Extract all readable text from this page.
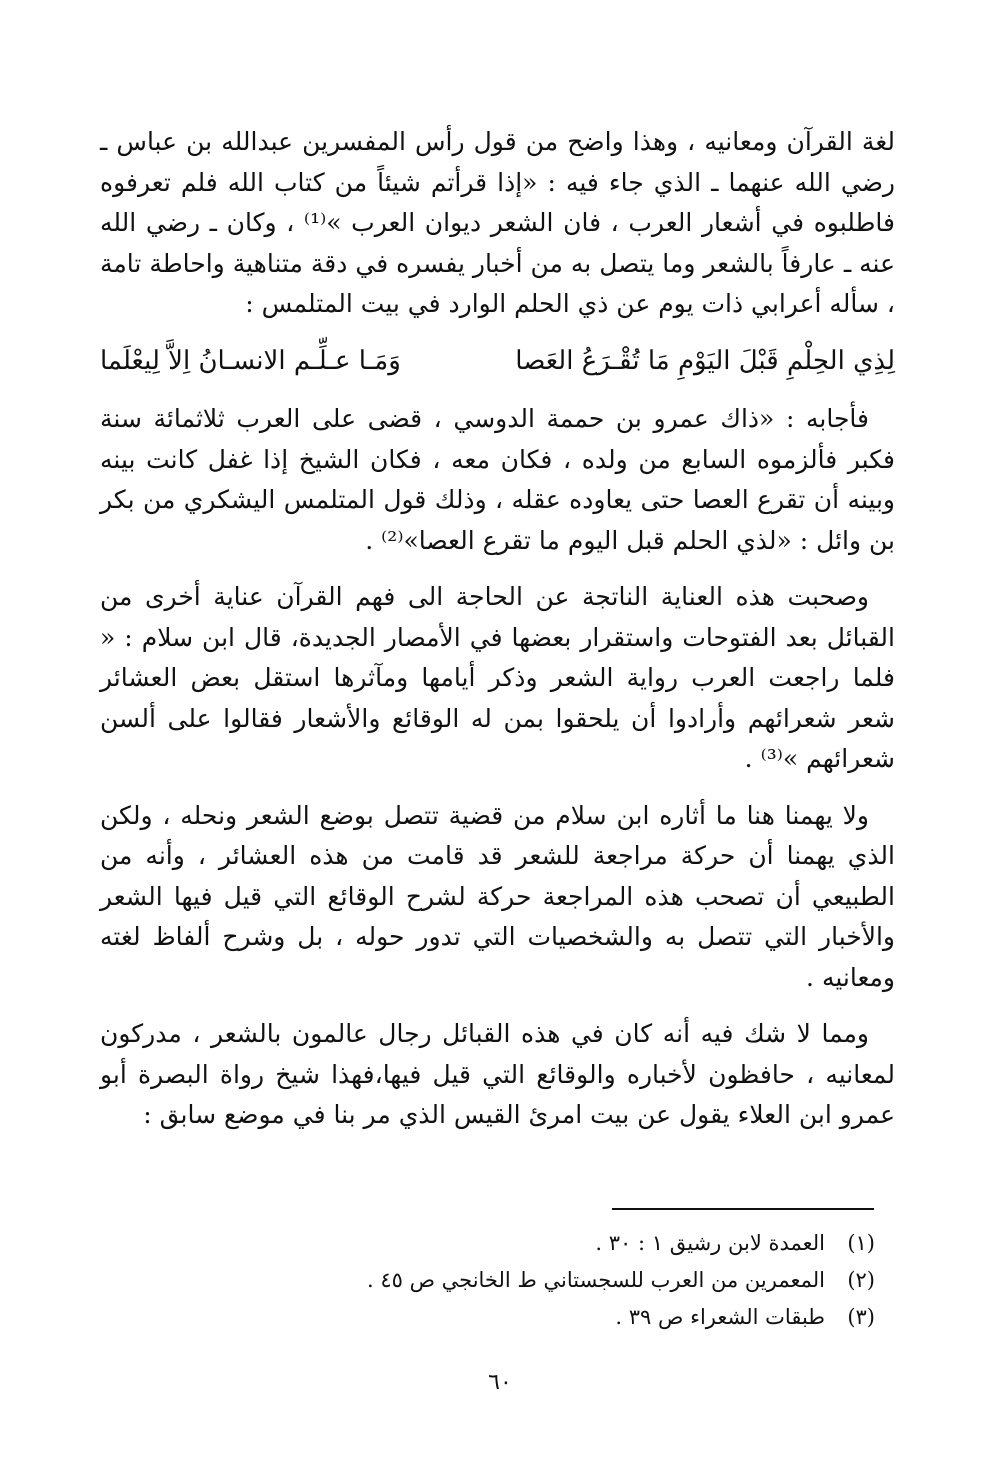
لغة القرآن ومعانيه ، وهذا واضح من قول رأس المفسرين عبدالله بن عباس ـ رضي الله عنهما ـ الذي جاء فيه : «إذا قرأتم شيئاً من كتاب الله فلم تعرفوه فاطلبوه في أشعار العرب ، فان الشعر ديوان العرب »⁽¹⁾ ، وكان ـ رضي الله عنه ـ عارفاً بالشعر وما يتصل به من أخبار يفسره في دقة متناهية واحاطة تامة ، سأله أعرابي ذات يوم عن ذي الحلم الوارد في بيت المتلمس :

لِذِي الحِلْمِ قَبْلَ اليَوْمِ مَا تُقْـرَعُ العَصا
وَمَـا عـلِّـم الانسـانُ اِلاَّ لِيعْلَما

فأجابه : «ذاك عمرو بن حممة الدوسي ، قضى على العرب ثلاثمائة سنة فكبر فألزموه السابع من ولده ، فكان معه ، فكان الشيخ إذا غفل كانت بينه وبينه أن تقرع العصا حتى يعاوده عقله ، وذلك قول المتلمس اليشكري من بكر بن وائل : «لذي الحلم قبل اليوم ما تقرع العصا»⁽²⁾ .

وصحبت هذه العناية الناتجة عن الحاجة الى فهم القرآن عناية أخرى من القبائل بعد الفتوحات واستقرار بعضها في الأمصار الجديدة، قال ابن سلام : « فلما راجعت العرب رواية الشعر وذكر أيامها ومآثرها استقل بعض العشائر شعر شعرائهم وأرادوا أن يلحقوا بمن له الوقائع والأشعار فقالوا على ألسن شعرائهم »⁽³⁾ .

ولا يهمنا هنا ما أثاره ابن سلام من قضية تتصل بوضع الشعر ونحله ، ولكن الذي يهمنا أن حركة مراجعة للشعر قد قامت من هذه العشائر ، وأنه من الطبيعي أن تصحب هذه المراجعة حركة لشرح الوقائع التي قيل فيها الشعر والأخبار التي تتصل به والشخصيات التي تدور حوله ، بل وشرح ألفاظ لغته ومعانيه .

ومما لا شك فيه أنه كان في هذه القبائل رجال عالمون بالشعر ، مدركون لمعانيه ، حافظون لأخباره والوقائع التي قيل فيها،فهذا شيخ رواة البصرة أبو عمرو ابن العلاء يقول عن بيت امرئ القيس الذي مر بنا في موضع سابق :

(١)
العمدة لابن رشيق ١ : ٣٠ .
(٢)
المعمرين من العرب للسجستاني ط الخانجي ص ٤٥ .
(٣)
طبقات الشعراء ص ٣٩ .
٦٠
